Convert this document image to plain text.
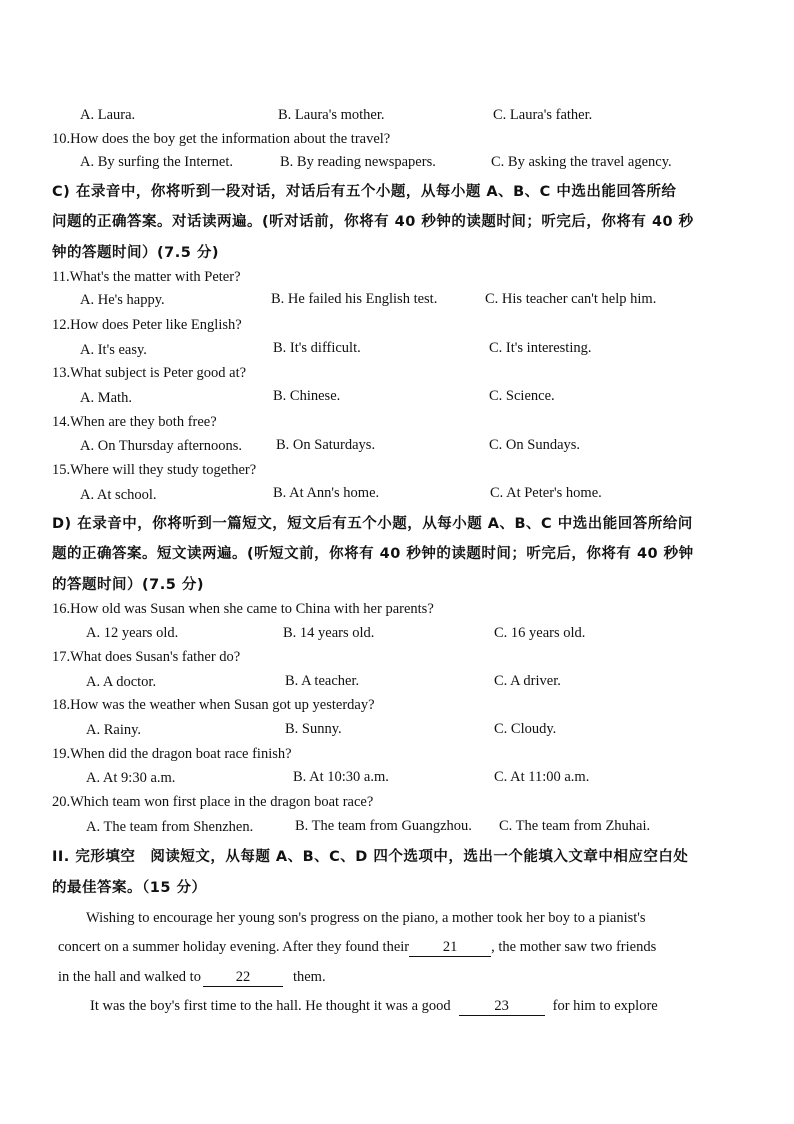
A. Laura.	B. Laura's mother.	C. Laura's father.
10.How does the boy get the information about the travel?
A. By surfing the Internet.	B. By reading newspapers.	C. By asking the travel agency.
C) 在录音中，你将听到一段对话，对话后有五个小题，从每小题 A、B、C 中选出能回答所给
问题的正确答案。对话读两遍。(听对话前，你将有 40 秒钟的读题时间；听完后，你将有 40 秒
钟的答题时间）(7.5 分)
11.What's the matter with Peter?
A. He's happy.	B. He failed his English test.	C. His teacher can't help him.
12.How does Peter like English?
A. It's easy.	B. It's difficult.	C. It's interesting.
13.What subject is Peter good at?
A. Math.	B. Chinese.	C. Science.
14.When are they both free?
A. On Thursday afternoons. B. On Saturdays.	C. On Sundays.
15.Where will they study together?
A. At school.	B. At Ann's home.	C. At Peter's home.
D) 在录音中，你将听到一篇短文，短文后有五个小题，从每小题 A、B、C 中选出能回答所给问
题的正确答案。短文读两遍。(听短文前，你将有 40 秒钟的读题时间；听完后，你将有 40 秒钟
的答题时间）(7.5 分)
16.How old was Susan when she came to China with her parents?
A. 12 years old.	B. 14 years old.	C. 16 years old.
17.What does Susan's father do?
A. A doctor.	B. A teacher.	C. A driver.
18.How was the weather when Susan got up yesterday?
A. Rainy.	B. Sunny.	C. Cloudy.
19.When did the dragon boat race finish?
A. At 9:30 a.m.	B. At 10:30 a.m.	C. At 11:00 a.m.
20.Which team won first place in the dragon boat race?
A. The team from Shenzhen.	B. The team from Guangzhou. C. The team from Zhuhai.
II. 完形填空　阅读短文，从每题 A、B、C、D 四个选项中，选出一个能填入文章中相应空白处
的最佳答案。（15 分）
Wishing to encourage her young son's progress on the piano, a mother took her boy to a pianist's
concert on a summer holiday evening. After they found their 21 , the mother saw two friends
in the hall and walked to 22	them.
It was the boy's first time to the hall. He thought it was a good	23	for him to explore
